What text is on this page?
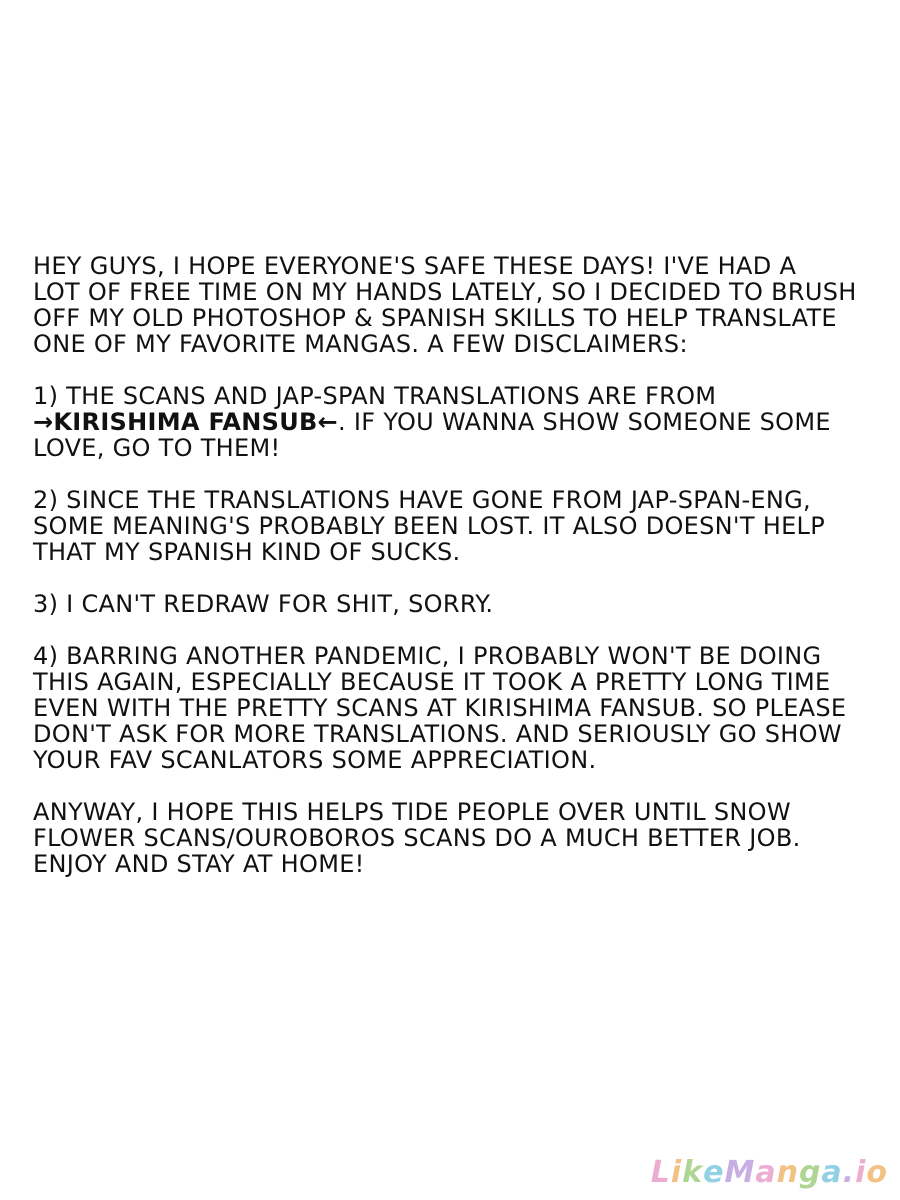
HEY GUYS, I HOPE EVERYONE'S SAFE THESE DAYS! I'VE HAD A
LOT OF FREE TIME ON MY HANDS LATELY, SO I DECIDED TO BRUSH
OFF MY OLD PHOTOSHOP & SPANISH SKILLS TO HELP TRANSLATE
ONE OF MY FAVORITE MANGAS. A FEW DISCLAIMERS:

1) THE SCANS AND JAP-SPAN TRANSLATIONS ARE FROM
→KIRISHIMA FANSUB←. IF YOU WANNA SHOW SOMEONE SOME
LOVE, GO TO THEM!

2) SINCE THE TRANSLATIONS HAVE GONE FROM JAP-SPAN-ENG,
SOME MEANING'S PROBABLY BEEN LOST. IT ALSO DOESN'T HELP
THAT MY SPANISH KIND OF SUCKS.

3) I CAN'T REDRAW FOR SHIT, SORRY.

4) BARRING ANOTHER PANDEMIC, I PROBABLY WON'T BE DOING
THIS AGAIN, ESPECIALLY BECAUSE IT TOOK A PRETTY LONG TIME
EVEN WITH THE PRETTY SCANS AT KIRISHIMA FANSUB. SO PLEASE
DON'T ASK FOR MORE TRANSLATIONS. AND SERIOUSLY GO SHOW
YOUR FAV SCANLATORS SOME APPRECIATION.

ANYWAY, I HOPE THIS HELPS TIDE PEOPLE OVER UNTIL SNOW
FLOWER SCANS/OUROBOROS SCANS DO A MUCH BETTER JOB.
ENJOY AND STAY AT HOME!

LikeManga.io
